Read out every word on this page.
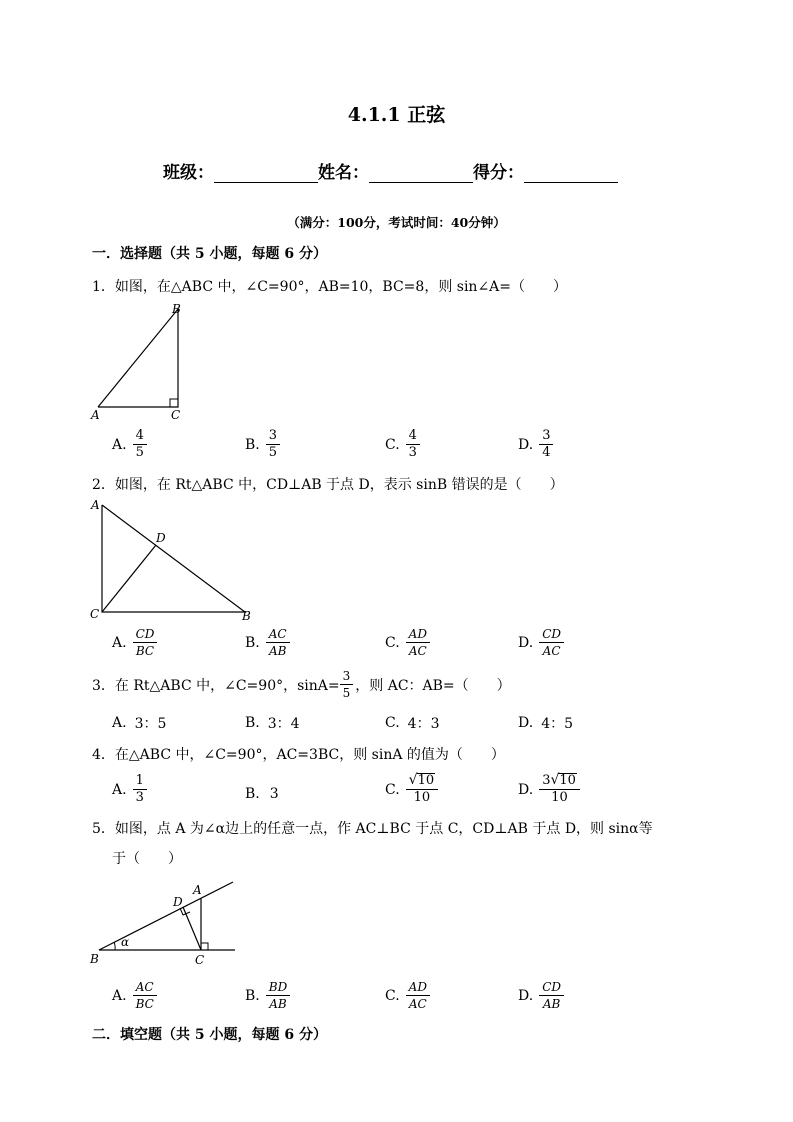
4.1.1 正弦
班级：	姓名：	得分：
（满分：100分，考试时间：40分钟）
一．选择题（共 5 小题，每题 6 分）
1．如图，在△ABC 中，∠C=90°，AB=10，BC=8，则 sin∠A=（　　）
A
B
C
A. $\frac{4}{5}$	B. $\frac{3}{5}$	C. $\frac{4}{3}$	D. $\frac{3}{4}$
2．如图，在 Rt△ABC 中，CD⊥AB 于点 D，表示 sinB 错误的是（　　）
A
D
C	B
A. $\frac{CD}{BC}$	B. $\frac{AC}{AB}$	C. $\frac{AD}{AC}$	D. $\frac{CD}{AC}$
3．在 Rt△ABC 中，∠C=90°，$\sin A= \frac{3}{5}$ ，则 AC：AB=（　　）
A. 3：5	B. 3：4	C. 4：3	D. 4：5
4．在△ABC 中，∠C=90°，AC=3BC，则 sinA 的值为（　　）
A. $\frac{1}{3}$	B. 3	C. $\frac{√ 10}{10}$	D. $\frac{3 √ 10}{10}$
5．如图，点 A 为∠α边上的任意一点，作 AC⊥BC 于点 C，CD⊥AB 于点 D，则 sinα等
于（　　）
α
B	C
D
A
A. $\frac{AC}{BC}$	B. $\frac{BD}{AB}$	C. $\frac{AD}{AC}$	D. $\frac{CD}{AB}$
二．填空题（共 5 小题，每题 6 分）
